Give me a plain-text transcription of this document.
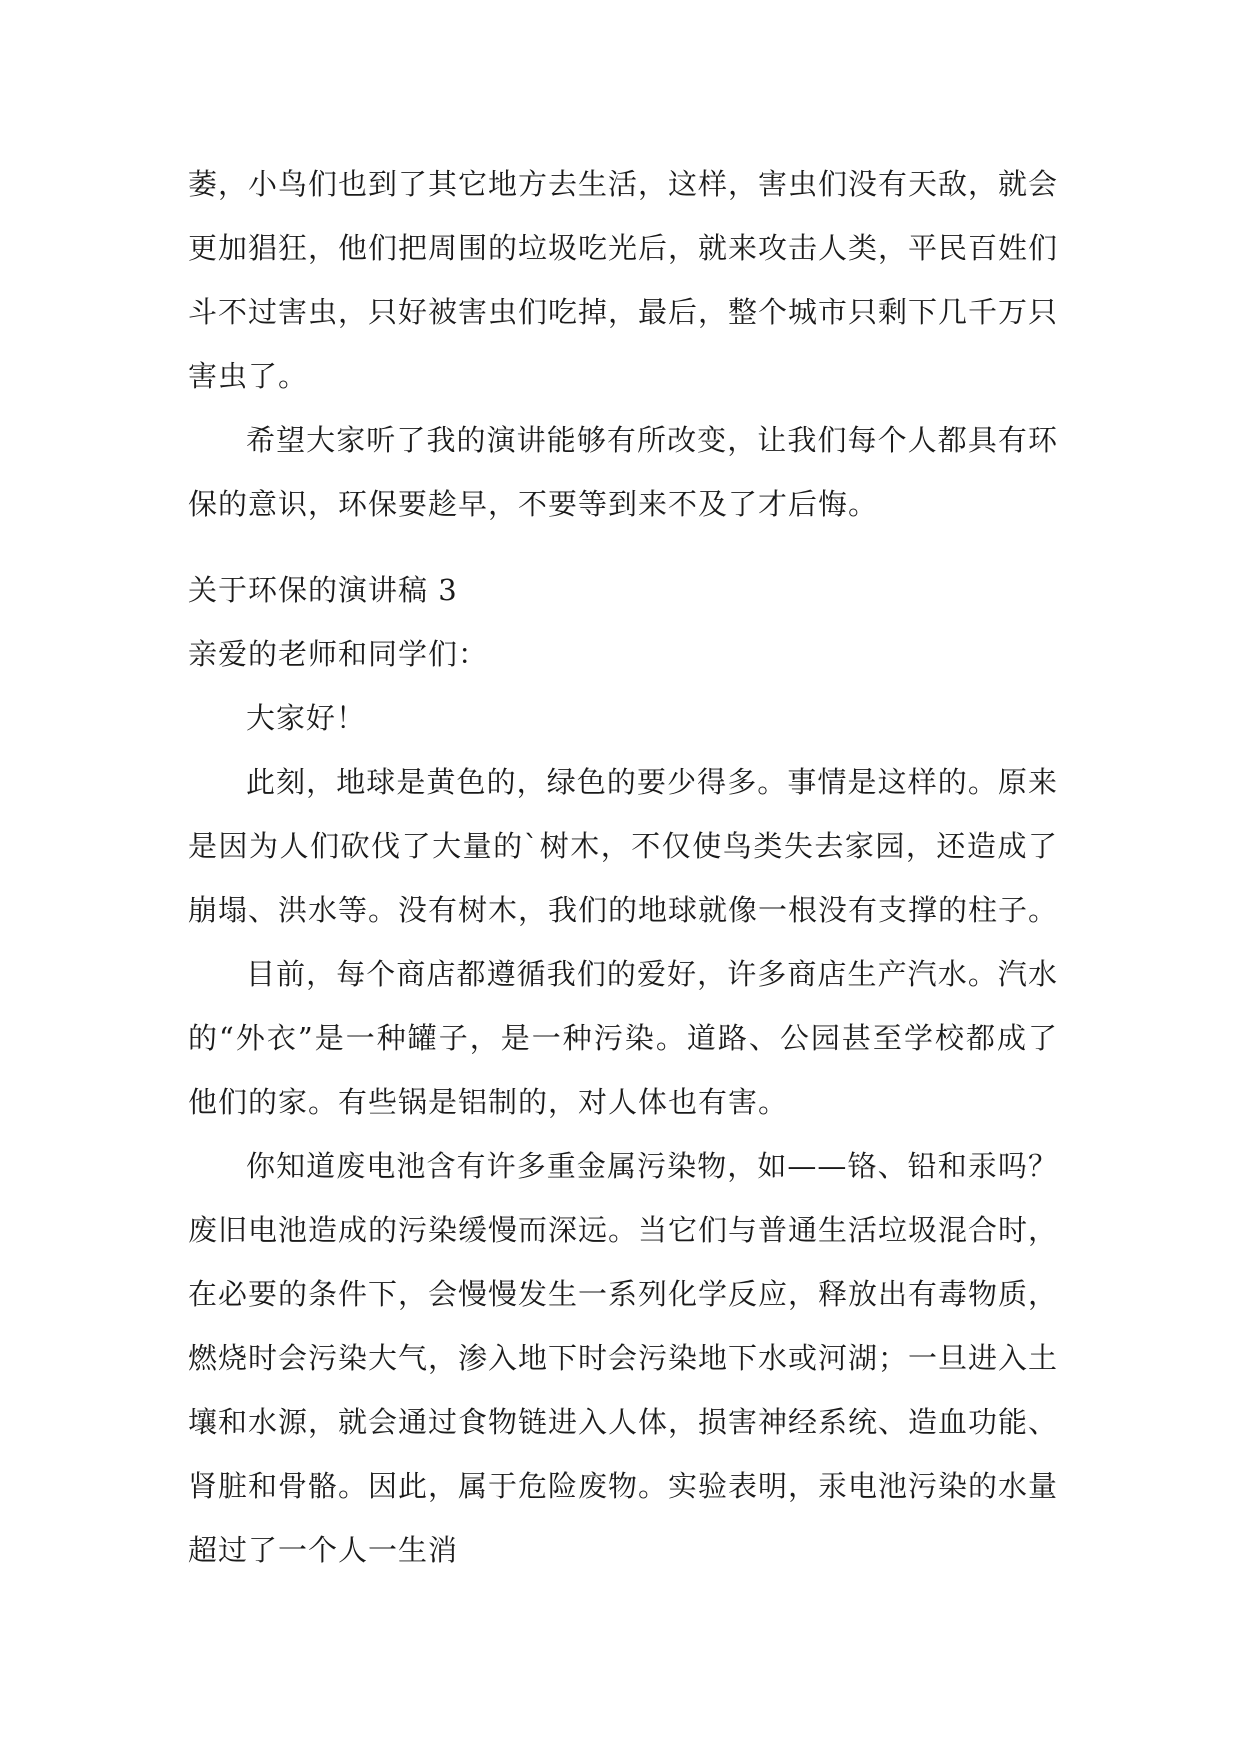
萎，小鸟们也到了其它地方去生活，这样，害虫们没有天敌，就会更加猖狂，他们把周围的垃圾吃光后，就来攻击人类，平民百姓们斗不过害虫，只好被害虫们吃掉，最后，整个城市只剩下几千万只害虫了。

希望大家听了我的演讲能够有所改变，让我们每个人都具有环保的意识，环保要趁早，不要等到来不及了才后悔。

关于环保的演讲稿 3

亲爱的老师和同学们：

大家好！

此刻，地球是黄色的，绿色的要少得多。事情是这样的。原来是因为人们砍伐了大量的`树木，不仅使鸟类失去家园，还造成了崩塌、洪水等。没有树木，我们的地球就像一根没有支撑的柱子。

目前，每个商店都遵循我们的爱好，许多商店生产汽水。汽水的“外衣”是一种罐子，是一种污染。道路、公园甚至学校都成了他们的家。有些锅是铝制的，对人体也有害。

你知道废电池含有许多重金属污染物，如——铬、铅和汞吗？废旧电池造成的污染缓慢而深远。当它们与普通生活垃圾混合时，在必要的条件下，会慢慢发生一系列化学反应，释放出有毒物质，燃烧时会污染大气，渗入地下时会污染地下水或河湖；一旦进入土壤和水源，就会通过食物链进入人体，损害神经系统、造血功能、肾脏和骨骼。因此，属于危险废物。实验表明，汞电池污染的水量超过了一个人一生消
